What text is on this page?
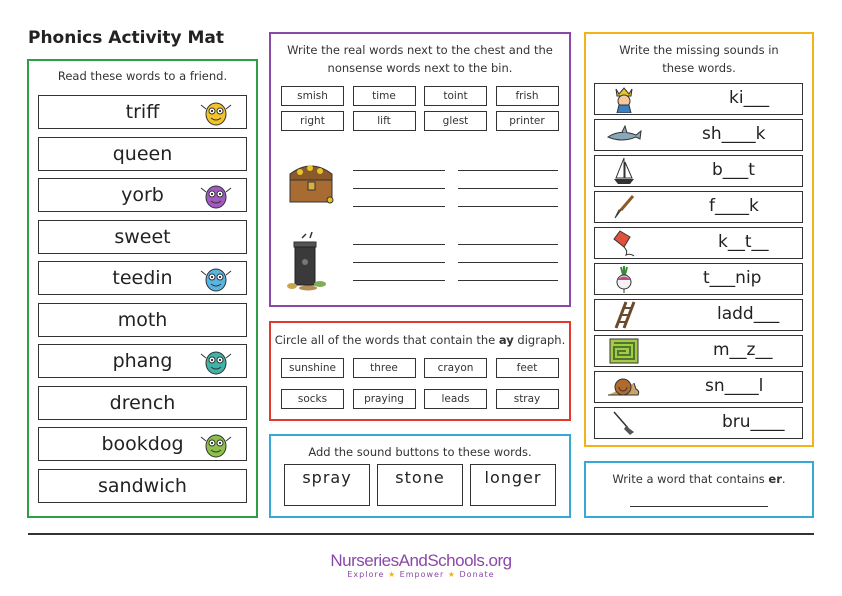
Phonics Activity Mat
Read these words to a friend.
triff
queen
yorb
sweet
teedin
moth
phang
drench
bookdog
sandwich
Write the real words next to the chest and the
nonsense words next to the bin.
smish	time	toint	frish
right	lift	glest	printer
Circle all of the words that contain the ay digraph.
sunshine	three	crayon	feet
socks	praying	leads	stray
Add the sound buttons to these words.
spray	stone	longer
Write the missing sounds in
these words.
ki___
sh____k
b___t
f____k
k__t__
t___nip
ladd___
m__z__
sn____l
bru____
Write a word that contains er.
NurseriesAndSchools.org
Explore ★ Empower ★ Donate
